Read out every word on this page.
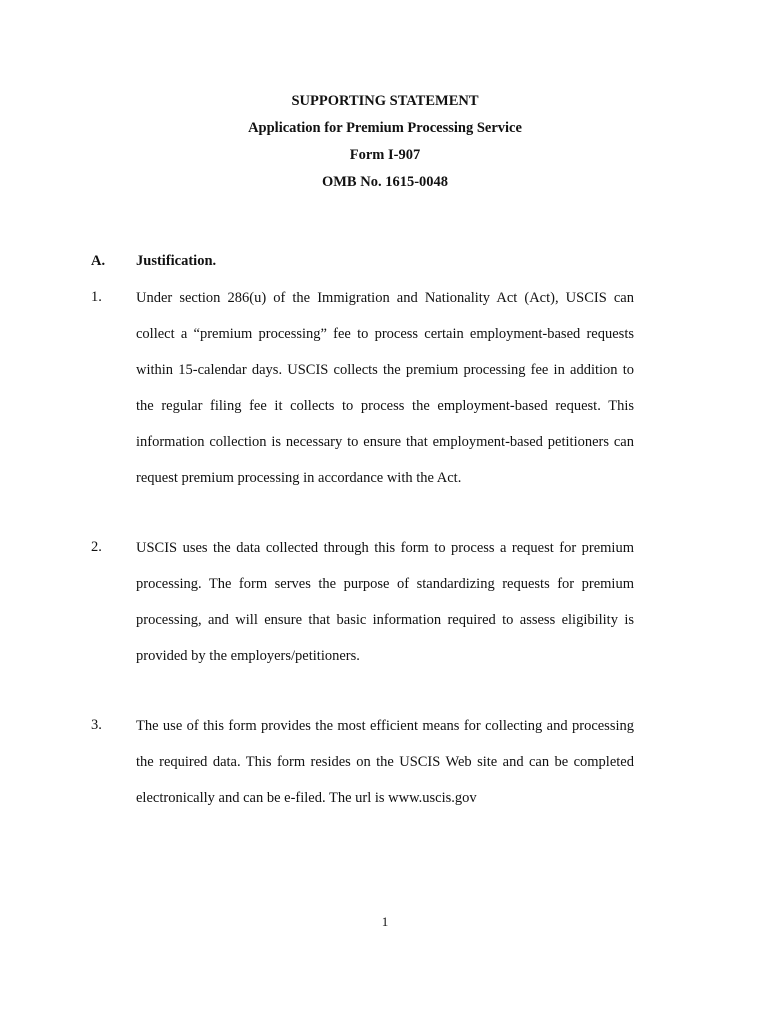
SUPPORTING STATEMENT
Application for Premium Processing Service
Form I-907
OMB No. 1615-0048
A. Justification.
1. Under section 286(u) of the Immigration and Nationality Act (Act), USCIS can collect a “premium processing” fee to process certain employment-based requests within 15-calendar days. USCIS collects the premium processing fee in addition to the regular filing fee it collects to process the employment-based request. This information collection is necessary to ensure that employment-based petitioners can request premium processing in accordance with the Act.
2. USCIS uses the data collected through this form to process a request for premium processing. The form serves the purpose of standardizing requests for premium processing, and will ensure that basic information required to assess eligibility is provided by the employers/petitioners.
3. The use of this form provides the most efficient means for collecting and processing the required data. This form resides on the USCIS Web site and can be completed electronically and can be e-filed. The url is www.uscis.gov
1
